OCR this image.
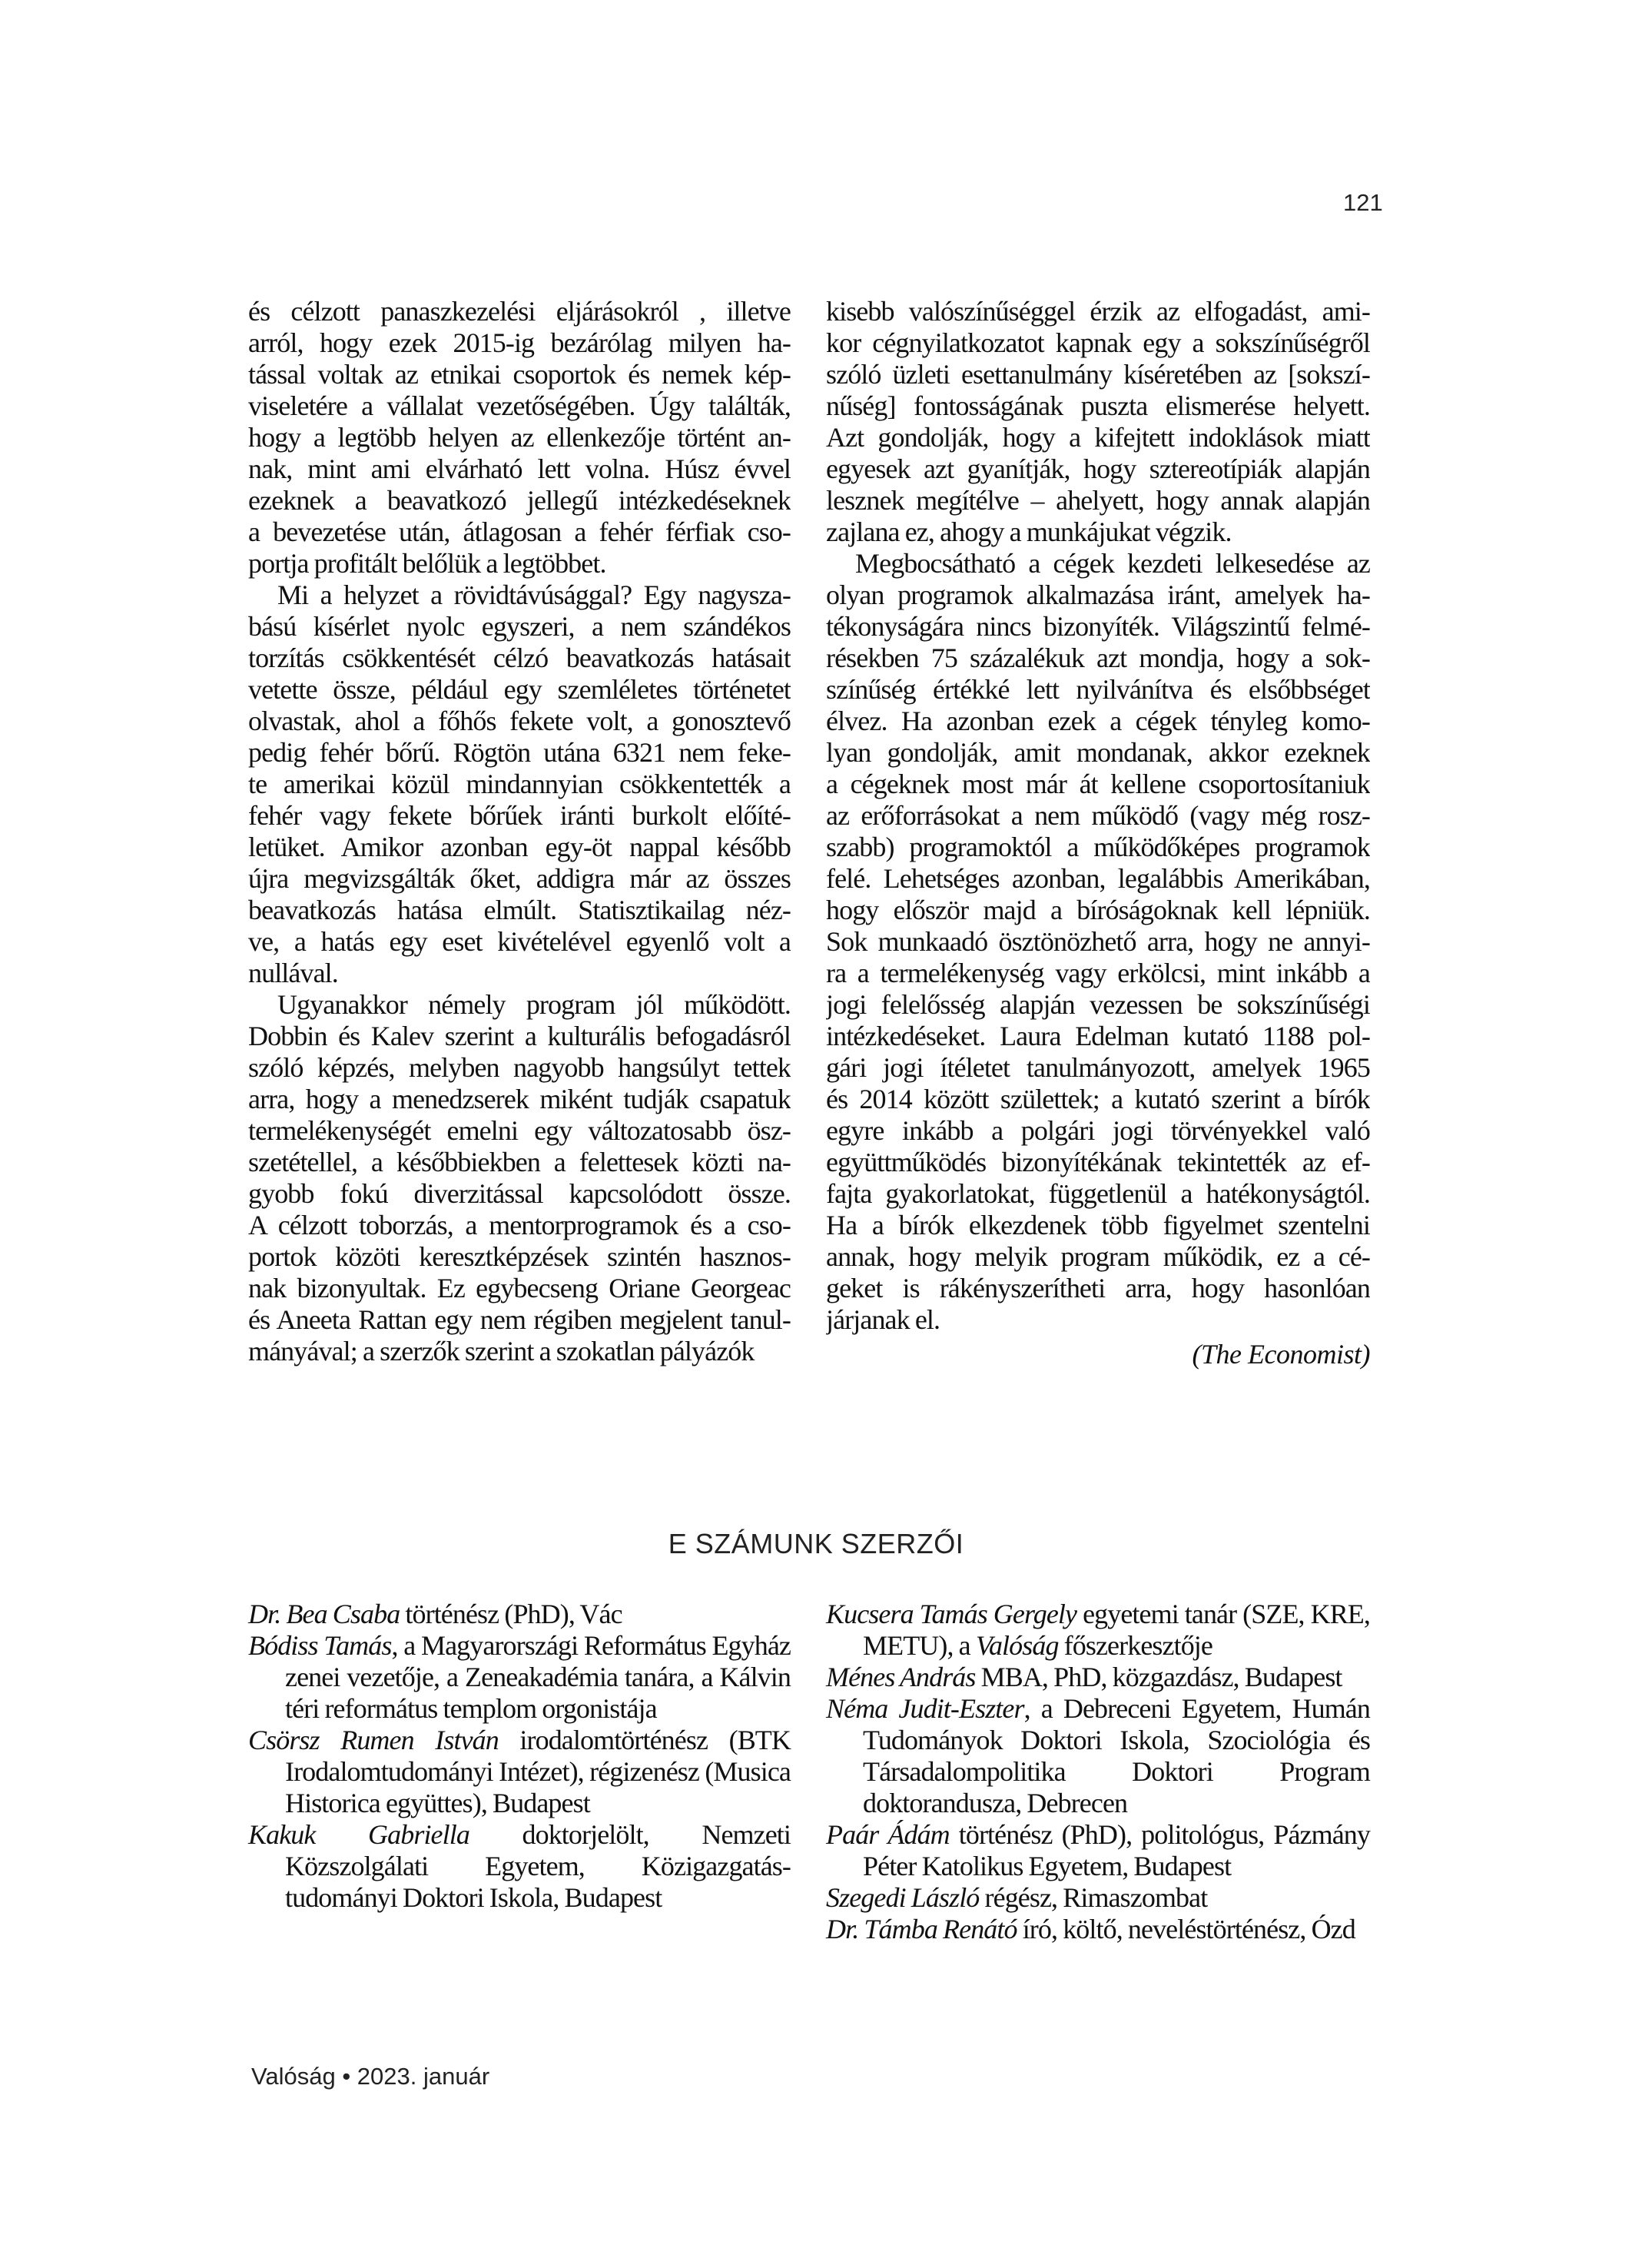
121
és célzott panaszkezelési eljárásokról , illetve
arról, hogy ezek 2015-ig bezárólag milyen ha-
tással voltak az etnikai csoportok és nemek kép-
viseletére a vállalat vezetőségében. Úgy találták,
hogy a legtöbb helyen az ellenkezője történt an-
nak, mint ami elvárható lett volna. Húsz évvel
ezeknek a beavatkozó jellegű intézkedéseknek
a bevezetése után, átlagosan a fehér férfiak cso-
portja profitált belőlük a legtöbbet.
Mi a helyzet a rövidtávúsággal? Egy nagysza-
bású kísérlet nyolc egyszeri, a nem szándékos
torzítás csökkentését célzó beavatkozás hatásait
vetette össze, például egy szemléletes történetet
olvastak, ahol a főhős fekete volt, a gonosztevő
pedig fehér bőrű. Rögtön utána 6321 nem feke-
te amerikai közül mindannyian csökkentették a
fehér vagy fekete bőrűek iránti burkolt előíté-
letüket. Amikor azonban egy-öt nappal később
újra megvizsgálták őket, addigra már az összes
beavatkozás hatása elmúlt. Statisztikailag néz-
ve, a hatás egy eset kivételével egyenlő volt a
nullával.
Ugyanakkor némely program jól működött.
Dobbin és Kalev szerint a kulturális befogadásról
szóló képzés, melyben nagyobb hangsúlyt tettek
arra, hogy a menedzserek miként tudják csapatuk
termelékenységét emelni egy változatosabb ösz-
szetétellel, a későbbiekben a felettesek közti na-
gyobb fokú diverzitással kapcsolódott össze.
A célzott toborzás, a mentorprogramok és a cso-
portok közöti keresztképzések szintén hasznos-
nak bizonyultak. Ez egybecseng Oriane Georgeac
és Aneeta Rattan egy nem régiben megjelent tanul-
mányával; a szerzők szerint a szokatlan pályázók
kisebb valószínűséggel érzik az elfogadást, ami-
kor cégnyilatkozatot kapnak egy a sokszínűségről
szóló üzleti esettanulmány kíséretében az [sokszí-
nűség] fontosságának puszta elismerése helyett.
Azt gondolják, hogy a kifejtett indoklások miatt
egyesek azt gyanítják, hogy sztereotípiák alapján
lesznek megítélve – ahelyett, hogy annak alapján
zajlana ez, ahogy a munkájukat végzik.
Megbocsátható a cégek kezdeti lelkesedése az
olyan programok alkalmazása iránt, amelyek ha-
tékonyságára nincs bizonyíték. Világszintű felmé-
résekben 75 százalékuk azt mondja, hogy a sok-
színűség értékké lett nyilvánítva és elsőbbséget
élvez. Ha azonban ezek a cégek tényleg komo-
lyan gondolják, amit mondanak, akkor ezeknek
a cégeknek most már át kellene csoportosítaniuk
az erőforrásokat a nem működő (vagy még rosz-
szabb) programoktól a működőképes programok
felé. Lehetséges azonban, legalábbis Amerikában,
hogy először majd a bíróságoknak kell lépniük.
Sok munkaadó ösztönözhető arra, hogy ne annyi-
ra a termelékenység vagy erkölcsi, mint inkább a
jogi felelősség alapján vezessen be sokszínűségi
intézkedéseket. Laura Edelman kutató 1188 pol-
gári jogi ítéletet tanulmányozott, amelyek 1965
és 2014 között születtek; a kutató szerint a bírók
egyre inkább a polgári jogi törvényekkel való
együttműködés bizonyítékának tekintették az ef-
fajta gyakorlatokat, függetlenül a hatékonyságtól.
Ha a bírók elkezdenek több figyelmet szentelni
annak, hogy melyik program működik, ez a cé-
geket is rákényszerítheti arra, hogy hasonlóan
járjanak el.
(The Economist)
E SZÁMUNK SZERZŐI

Dr. Bea Csaba történész (PhD), Vác

Bódiss Tamás, a Magyarországi Református Egyház zenei vezetője, a Zeneakadémia tanára, a Kálvin téri református templom orgonistája

Csörsz Rumen István irodalomtörténész (BTK Irodalomtudományi Intézet), régizenész (Musica Historica együttes), Budapest

Kakuk Gabriella doktorjelölt, Nemzeti Közszolgálati Egyetem, Közigazgatás-tudományi Doktori Iskola, Budapest

Kucsera Tamás Gergely egyetemi tanár (SZE, KRE, METU), a Valóság főszerkesztője

Ménes András MBA, PhD, közgazdász, Budapest

Néma Judit-Eszter, a Debreceni Egyetem, Humán Tudományok Doktori Iskola, Szociológia és Társadalompolitika Doktori Program doktorandusza, Debrecen

Paár Ádám történész (PhD), politológus, Pázmány Péter Katolikus Egyetem, Budapest

Szegedi László régész, Rimaszombat

Dr. Támba Renátó író, költő, neveléstörténész, Ózd

Valóság • 2023. január
